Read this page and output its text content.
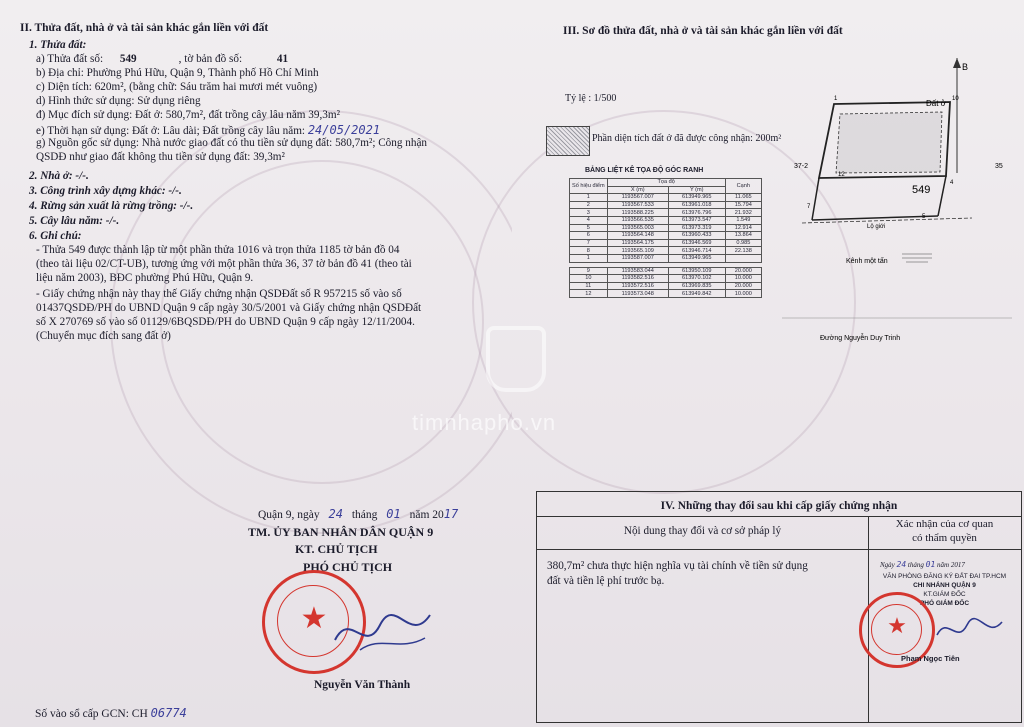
II. Thửa đất, nhà ở và tài sản khác gắn liền với đất
1. Thửa đất:
a) Thửa đất số: 549	, tờ bản đồ số:	41
b) Địa chỉ: Phường Phú Hữu, Quận 9, Thành phố Hồ Chí Minh
c) Diện tích: 620m², (bằng chữ: Sáu trăm hai mươi mét vuông)
d) Hình thức sử dụng: Sử dụng riêng
đ) Mục đích sử dụng: Đất ở: 580,7m², đất trồng cây lâu năm 39,3m²
e) Thời hạn sử dụng: Đất ở: Lâu dài; Đất trồng cây lâu năm: 24/05/2021
g) Nguồn gốc sử dụng: Nhà nước giao đất có thu tiền sử dụng đất: 580,7m²; Công nhận
QSDĐ như giao đất không thu tiền sử dụng đất: 39,3m²
2. Nhà ở: -/-.
3. Công trình xây dựng khác: -/-.
4. Rừng sản xuất là rừng trồng: -/-.
5. Cây lâu năm: -/-.
6. Ghi chú:
- Thửa 549 được thành lập từ một phần thửa 1016 và trọn thửa 1185 tờ bản đồ 04
(theo tài liệu 02/CT-UB), tương ứng với một phần thửa 36, 37 tờ bản đồ 41 (theo tài
liệu năm 2003), BĐC phường Phú Hữu, Quận 9.
- Giấy chứng nhận này thay thế Giấy chứng nhận QSDĐất số R 957215 số vào số
01437QSDĐ/PH do UBND Quận 9 cấp ngày 30/5/2001 và Giấy chứng nhận QSDĐất
số X 270769 số vào số 01129/6BQSDĐ/PH do UBND Quận 9 cấp ngày 12/11/2004.
(Chuyển mục đích sang đất ở)
Quận 9, ngày 24 tháng 01 năm 2017
TM. ỦY BAN NHÂN DÂN QUẬN 9
KT. CHỦ TỊCH
PHÓ CHỦ TỊCH
★
Nguyễn Văn Thành
Số vào sổ cấp GCN: CH 06774
III. Sơ đồ thửa đất, nhà ở và tài sản khác gắn liền với đất
Tỷ lệ : 1/500
Phần diện tích đất ở đã được công nhận: 200m²
BẢNG LIỆT KÊ TỌA ĐỘ GÓC RANH
Số hiệu điểm	Tọa độ		Cạnh
	X (m)	Y (m)	
1	1193567.007	613949.965	11.065
2	1193567.533	613961.018	15.794
3	1193588.225	613976.796	21.932
4	1193566.535	613973.547	1.549
5	1193565.003	613973.319	12.914
6	1193564.148	613960.433	13.864
7	1193564.175	613946.569	0.985
8	1193565.109	613946.714	22.138
1	1193587.007	613949.965	

9	1193583.044	613950.109	20.000
10	1193582.516	613970.102	10.000
11	1193572.516	613969.835	20.000
12	1193573.048	613949.842	10.000
Lộ giới
Đất ở
549
B
37-2	35
7
4
1	10
12
5
Kênh một tấn
Đường Nguyễn Duy Trinh
timnhapho.vn
IV. Những thay đổi sau khi cấp giấy chứng nhận
Nội dung thay đổi và cơ sở pháp lý
Xác nhận của cơ quan
có thẩm quyền
380,7m² chưa thực hiện nghĩa vụ tài chính về tiền sử dụng
đất và tiền lệ phí trước bạ.
Ngày 24 tháng 01 năm 2017
VĂN PHÒNG ĐĂNG KÝ ĐẤT ĐAI TP.HCM
CHI NHÁNH QUẬN 9
KT.GIÁM ĐỐC
PHÓ GIÁM ĐỐC
★
Phạm Ngọc Tiên
